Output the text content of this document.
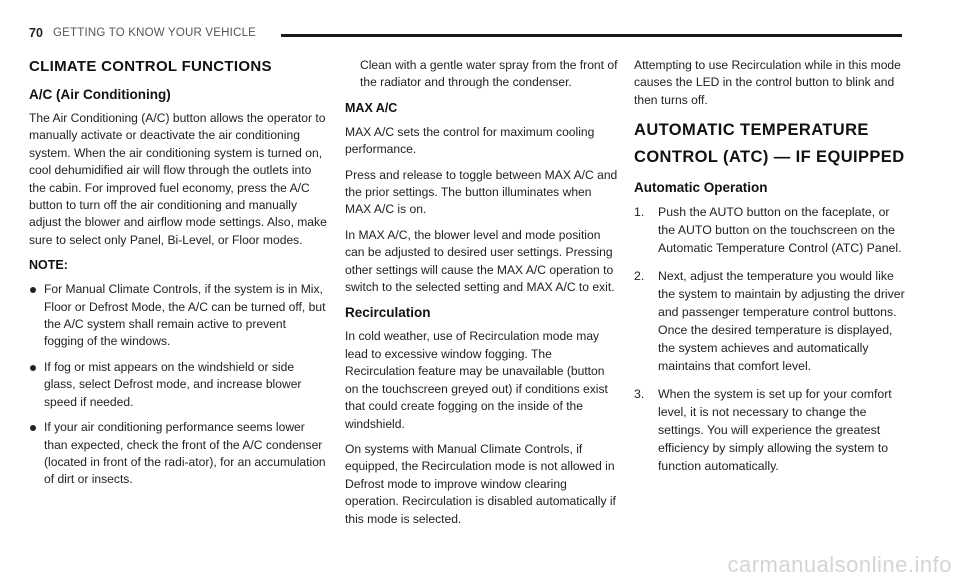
70 GETTING TO KNOW YOUR VEHICLE
CLIMATE CONTROL FUNCTIONS
A/C (Air Conditioning)

The Air Conditioning (A/C) button allows the operator to manually activate or deactivate the air conditioning system. When the air conditioning system is turned on, cool dehumidified air will flow through the outlets into the cabin. For improved fuel economy, press the A/C button to turn off the air conditioning and manually adjust the blower and airflow mode settings. Also, make sure to select only Panel, Bi-Level, or Floor modes.

NOTE:

For Manual Climate Controls, if the system is in Mix, Floor or Defrost Mode, the A/C can be turned off, but the A/C system shall remain active to prevent fogging of the windows.

If fog or mist appears on the windshield or side glass, select Defrost mode, and increase blower speed if needed.

If your air conditioning performance seems lower than expected, check the front of the A/C condenser (located in front of the radi-ator), for an accumulation of dirt or insects.

Clean with a gentle water spray from the front of the radiator and through the condenser.

MAX A/C

MAX A/C sets the control for maximum cooling performance.

Press and release to toggle between MAX A/C and the prior settings. The button illuminates when MAX A/C is on.

In MAX A/C, the blower level and mode position can be adjusted to desired user settings. Pressing other settings will cause the MAX A/C operation to switch to the selected setting and MAX A/C to exit.

Recirculation

In cold weather, use of Recirculation mode may lead to excessive window fogging. The Recirculation feature may be unavailable (button on the touchscreen greyed out) if conditions exist that could create fogging on the inside of the windshield.

On systems with Manual Climate Controls, if equipped, the Recirculation mode is not allowed in Defrost mode to improve window clearing operation. Recirculation is disabled automatically if this mode is selected.

Attempting to use Recirculation while in this mode causes the LED in the control button to blink and then turns off.

AUTOMATIC TEMPERATURE CONTROL (ATC) — IF EQUIPPED
Automatic Operation
1. Push the AUTO button on the faceplate, or the AUTO button on the touchscreen on the Automatic Temperature Control (ATC) Panel.

2. Next, adjust the temperature you would like the system to maintain by adjusting the driver and passenger temperature control buttons. Once the desired temperature is displayed, the system achieves and automatically maintains that comfort level.

3. When the system is set up for your comfort level, it is not necessary to change the settings. You will experience the greatest efficiency by simply allowing the system to function automatically.

carmanualsonline.info
